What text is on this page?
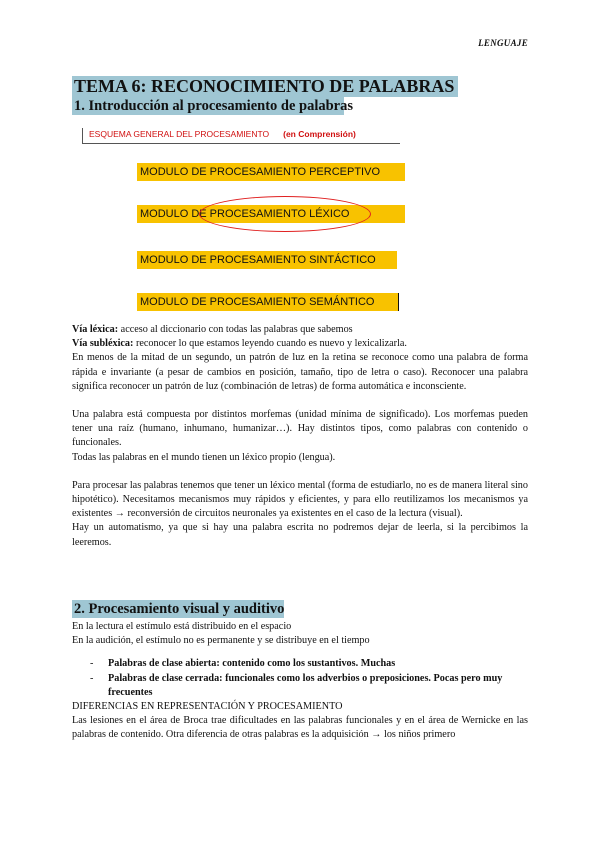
LENGUAJE
TEMA 6: RECONOCIMIENTO DE PALABRAS
1. Introducción al procesamiento de palabras
ESQUEMA GENERAL DEL PROCESAMIENTO (en Comprensión)
MODULO DE PROCESAMIENTO PERCEPTIVO
MODULO DE PROCESAMIENTO LÉXICO
MODULO DE PROCESAMIENTO SINTÁCTICO
MODULO DE PROCESAMIENTO SEMÁNTICO

Vía léxica: acceso al diccionario con todas las palabras que sabemos

Vía subléxica: reconocer lo que estamos leyendo cuando es nuevo y lexicalizarla.

En menos de la mitad de un segundo, un patrón de luz en la retina se reconoce como una palabra de forma rápida e invariante (a pesar de cambios en posición, tamaño, tipo de letra o caso). Reconocer una palabra significa reconocer un patrón de luz (combinación de letras) de forma automática e inconsciente.

Una palabra está compuesta por distintos morfemas (unidad mínima de significado). Los morfemas pueden tener una raíz (humano, inhumano, humanizar…). Hay distintos tipos, como palabras con contenido o funcionales.

Todas las palabras en el mundo tienen un léxico propio (lengua).

Para procesar las palabras tenemos que tener un léxico mental (forma de estudiarlo, no es de manera literal sino hipotético). Necesitamos mecanismos muy rápidos y eficientes, y para ello reutilizamos los mecanismos ya existentes → reconversión de circuitos neuronales ya existentes en el caso de la lectura (visual).

Hay un automatismo, ya que si hay una palabra escrita no podremos dejar de leerla, si la percibimos la leeremos.

2. Procesamiento visual y auditivo

En la lectura el estímulo está distribuido en el espacio

En la audición, el estímulo no es permanente y se distribuye en el tiempo

- Palabras de clase abierta: contenido como los sustantivos. Muchas
- Palabras de clase cerrada: funcionales como los adverbios o preposiciones. Pocas pero muy frecuentes

DIFERENCIAS EN REPRESENTACIÓN Y PROCESAMIENTO

Las lesiones en el área de Broca trae dificultades en las palabras funcionales y en el área de Wernicke en las palabras de contenido. Otra diferencia de otras palabras es la adquisición → los niños primero
